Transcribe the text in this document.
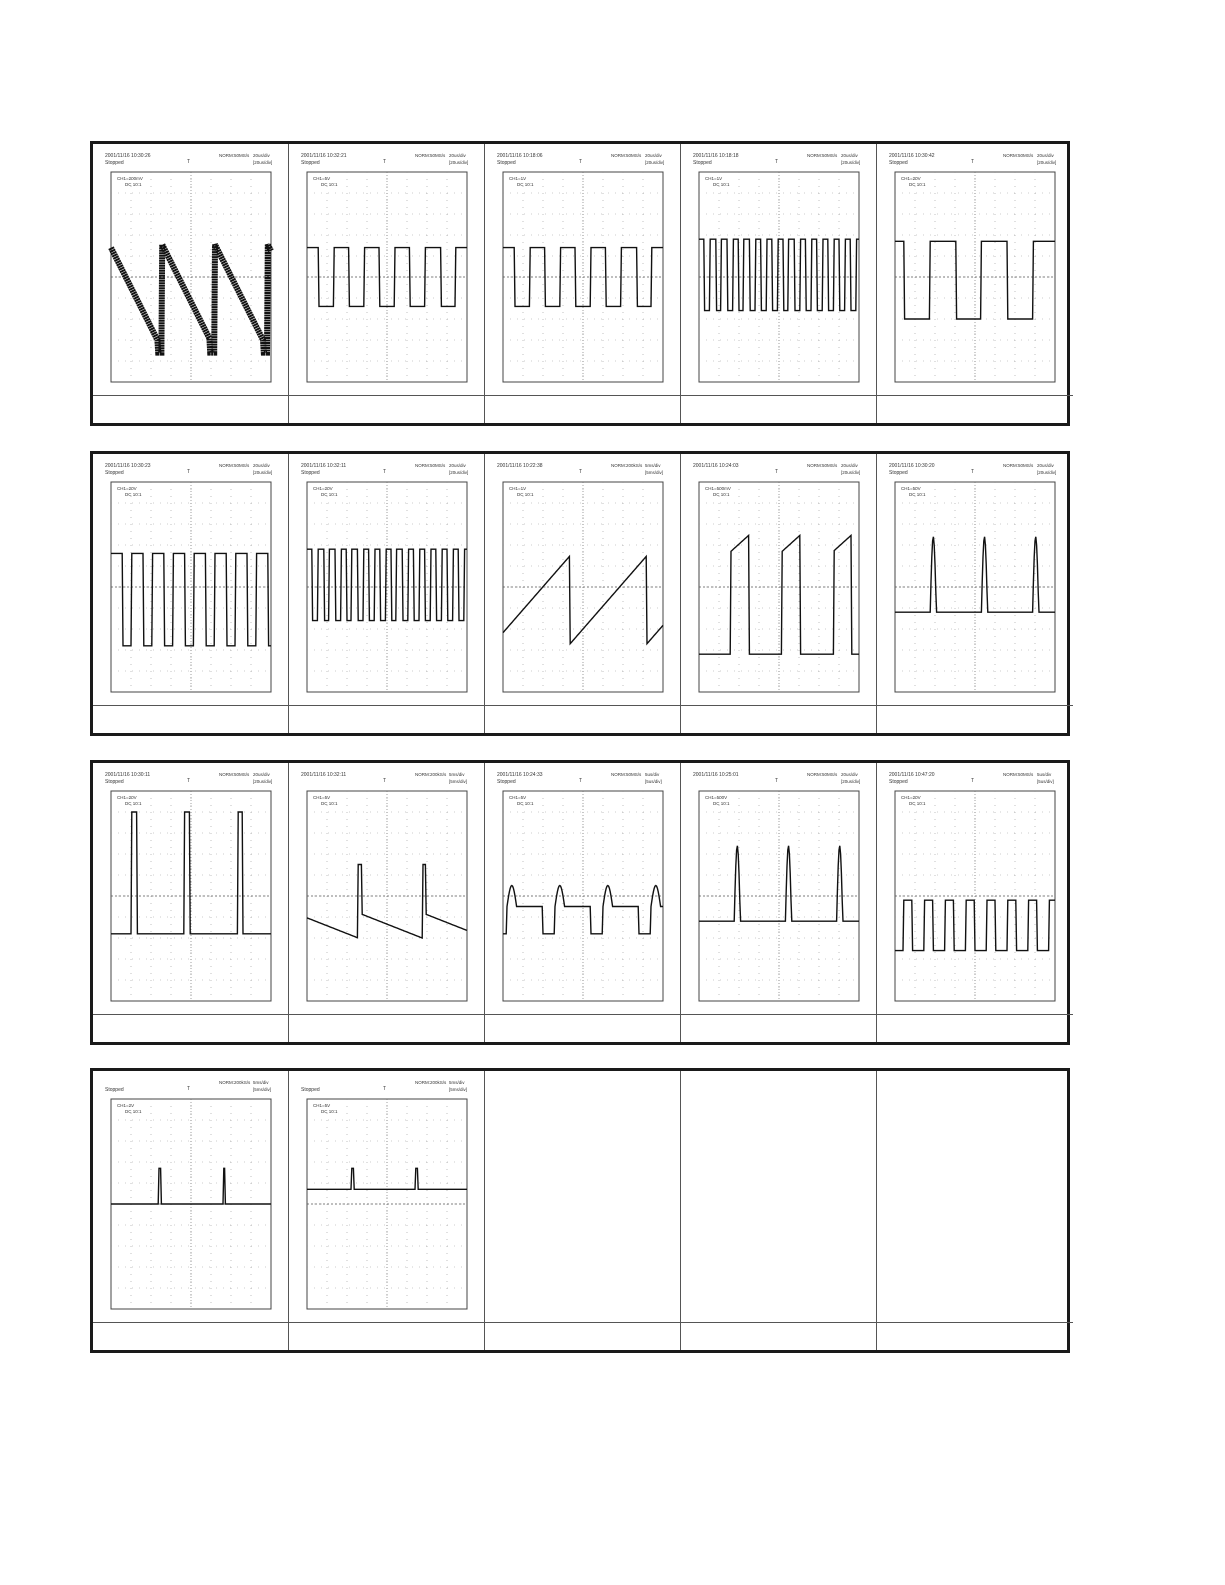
2001/11/16 10:30:26
T
NORM:50MS/s 20us/div
Stopped	[20us/div]
CH1=200mV
DC 10:1
2001/11/16 10:32:21
T
NORM:50MS/s 20us/div
Stopped	[20us/div]
CH1=5V
DC 10:1
2001/11/16 10:18:06
T
NORM:50MS/s 20us/div
Stopped	[20us/div]
CH1=1V
DC 10:1
2001/11/16 10:18:18
T
NORM:50MS/s 20us/div
Stopped	[20us/div]
CH1=1V
DC 10:1
2001/11/16 10:30:42
T
NORM:50MS/s 20us/div
Stopped	[20us/div]
CH1=20V
DC 10:1
2001/11/16 10:30:23
T
NORM:50MS/s 20us/div
Stopped	[20us/div]
CH1=20V
DC 10:1
2001/11/16 10:32:11
T
NORM:50MS/s 20us/div
Stopped	[20us/div]
CH1=20V
DC 10:1
2001/11/16 10:22:38
T
NORM:200kS/s 5ms/div
[5ms/div]
CH1=1V
DC 10:1
2001/11/16 10:24:03
T
NORM:50MS/s 20us/div
[20us/div]
CH1=500mV
DC 10:1
2001/11/16 10:30:20
T
NORM:50MS/s 20us/div
Stopped	[20us/div]
CH1=50V
DC 10:1
2001/11/16 10:30:11
T
NORM:50MS/s 20us/div
Stopped	[20us/div]
CH1=20V
DC 10:1
2001/11/16 10:32:11
T
NORM:200kS/s 5ms/div
[5ms/div]
CH1=5V
DC 10:1
2001/11/16 10:24:33
T
NORM:50MS/s 5us/div
Stopped	[5us/div]
CH1=5V
DC 10:1
2001/11/16 10:25:01
T
NORM:50MS/s 20us/div
[20us/div]
CH1=500V
DC 10:1
2001/11/16 10:47:20
T
NORM:50MS/s 5us/div
Stopped	[5us/div]
CH1=20V
DC 10:1
T
NORM:200kS/s 5ms/div
Stopped	[5ms/div]
CH1=2V
DC 10:1
T
NORM:200kS/s 5ms/div
Stopped	[5ms/div]
CH1=5V
DC 10:1
